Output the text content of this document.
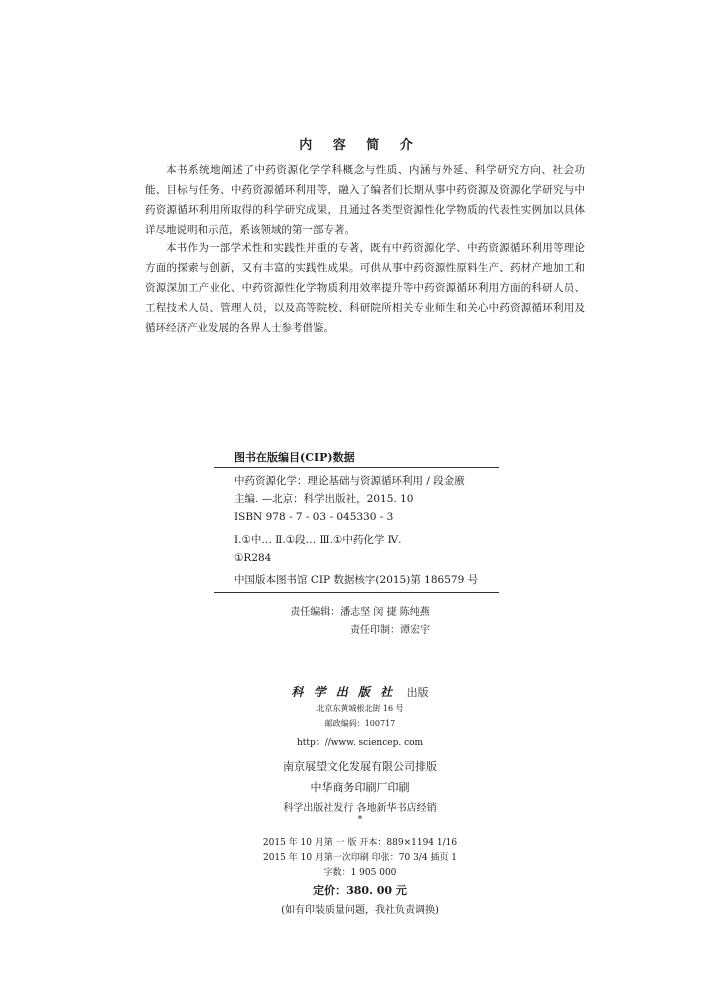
内 容 简 介

本书系统地阐述了中药资源化学学科概念与性质、内涵与外延、科学研究方向、社会功能、目标与任务、中药资源循环利用等，融入了编者们长期从事中药资源及资源化学研究与中药资源循环利用所取得的科学研究成果，且通过各类型资源性化学物质的代表性实例加以具体详尽地说明和示范，系该领域的第一部专著。

本书作为一部学术性和实践性并重的专著，既有中药资源化学、中药资源循环利用等理论方面的探索与创新，又有丰富的实践性成果。可供从事中药资源性原料生产、药材产地加工和资源深加工产业化、中药资源性化学物质利用效率提升等中药资源循环利用方面的科研人员、工程技术人员、管理人员，以及高等院校、科研院所相关专业师生和关心中药资源循环利用及循环经济产业发展的各界人士参考借鉴。

图书在版编目(CIP)数据

中药资源化学：理论基础与资源循环利用 / 段金廒

主编. —北京：科学出版社，2015. 10

ISBN 978 - 7 - 03 - 045330 - 3

Ⅰ.①中… Ⅱ.①段… Ⅲ.①中药化学 Ⅳ.

①R284

中国版本图书馆 CIP 数据核字(2015)第 186579 号

责任编辑：潘志坚 闵 捷 陈纯燕
责任印制：谭宏宇
科 学 出 版 社 出版
北京东黄城根北街 16 号
邮政编码：100717
http：//www. sciencep. com
南京展望文化发展有限公司排版
中华商务印刷厂印刷
科学出版社发行 各地新华书店经销
*
2015 年 10 月第 一 版 开本：889×1194 1/16
2015 年 10 月第一次印刷 印张：70 3/4 插页 1
字数：1 905 000
定价：380. 00 元
(如有印装质量问题，我社负责调换)
